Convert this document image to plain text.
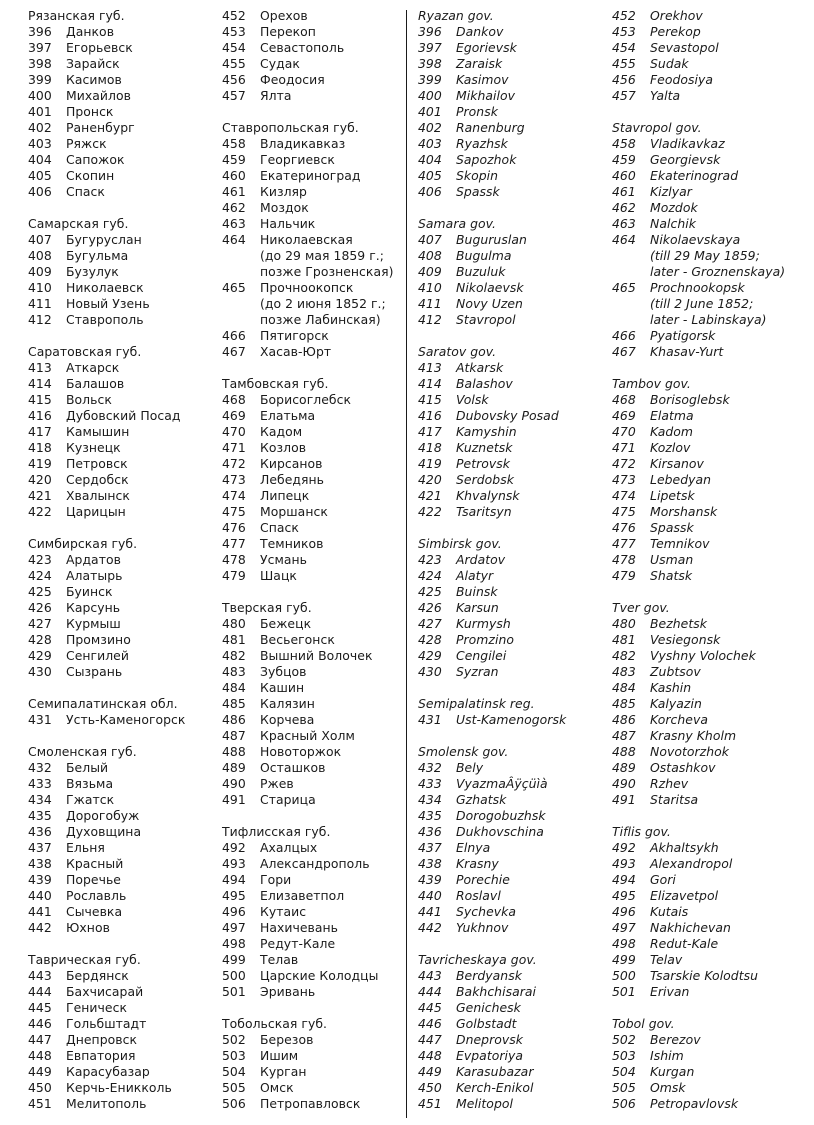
Рязанская губ.
396 Данков
397 Егорьевск
398 Зарайск
399 Касимов
400 Михайлов
401 Пронск
402 Раненбург
403 Ряжск
404 Сапожок
405 Скопин
406 Спаск
Самарская губ.
407 Бугуруслан
408 Бугульма
409 Бузулук
410 Николаевск
411 Новый Узень
412 Ставрополь
Саратовская губ.
413 Аткарск
414 Балашов
415 Вольск
416 Дубовский Посад
417 Камышин
418 Кузнецк
419 Петровск
420 Сердобск
421 Хвалынск
422 Царицын
Симбирская губ.
423 Ардатов
424 Алатырь
425 Буинск
426 Карсунь
427 Курмыш
428 Промзино
429 Сенгилей
430 Сызрань
Семипалатинская обл.
431 Усть-Каменогорск
Смоленская губ.
432 Белый
433 Вязьма
434 Гжатск
435 Дорогобуж
436 Духовщина
437 Ельня
438 Красный
439 Поречье
440 Рославль
441 Сычевка
442 Юхнов
Таврическая губ.
443 Бердянск
444 Бахчисарай
445 Геническ
446 Гольбштадт
447 Днепровск
448 Евпатория
449 Карасубазар
450 Керчь-Еникколь
451 Мелитополь
452 Орехов
453 Перекоп
454 Севастополь
455 Судак
456 Феодосия
457 Ялта
Ставропольская губ.
458 Владикавказ
459 Георгиевск
460 Екатериноград
461 Кизляр
462 Моздок
463 Нальчик
464 Николаевская
(до 29 мая 1859 г.;
позже Грозненская)
465 Прочноокопск
(до 2 июня 1852 г.;
позже Лабинская)
466 Пятигорск
467 Хасав-Юрт
Тамбовская губ.
468 Борисоглебск
469 Елатьма
470 Кадом
471 Козлов
472 Кирсанов
473 Лебедянь
474 Липецк
475 Моршанск
476 Спаск
477 Темников
478 Усмань
479 Шацк
Тверская губ.
480 Бежецк
481 Весьегонск
482 Вышний Волочек
483 Зубцов
484 Кашин
485 Калязин
486 Корчева
487 Красный Холм
488 Новоторжок
489 Осташков
490 Ржев
491 Старица
Тифлисская губ.
492 Ахалцых
493 Александрополь
494 Гори
495 Елизаветпол
496 Кутаис
497 Нахичевань
498 Редут-Кале
499 Телав
500 Царские Колодцы
501 Эривань
Тобольская губ.
502 Березов
503 Ишим
504 Курган
505 Омск
506 Петропавловск
Ryazan gov.
396 Dankov
397 Egorievsk
398 Zaraisk
399 Kasimov
400 Mikhailov
401 Pronsk
402 Ranenburg
403 Ryazhsk
404 Sapozhok
405 Skopin
406 Spassk
Samara gov.
407 Buguruslan
408 Bugulma
409 Buzuluk
410 Nikolaevsk
411 Novy Uzen
412 Stavropol
Saratov gov.
413 Atkarsk
414 Balashov
415 Volsk
416 Dubovsky Posad
417 Kamyshin
418 Kuznetsk
419 Petrovsk
420 Serdobsk
421 Khvalynsk
422 Tsaritsyn
Simbirsk gov.
423 Ardatov
424 Alatyr
425 Buinsk
426 Karsun
427 Kurmysh
428 Promzino
429 Cengilei
430 Syzran
Semipalatinsk reg.
431 Ust-Kamenogorsk
Smolensk gov.
432 Bely
433 VyazmaÂÿçüìà
434 Gzhatsk
435 Dorogobuzhsk
436 Dukhovschina
437 Elnya
438 Krasny
439 Porechie
440 Roslavl
441 Sychevka
442 Yukhnov
Tavricheskaya gov.
443 Berdyansk
444 Bakhchisarai
445 Genichesk
446 Golbstadt
447 Dneprovsk
448 Evpatoriya
449 Karasubazar
450 Kerch-Enikol
451 Melitopol
452 Orekhov
453 Perekop
454 Sevastopol
455 Sudak
456 Feodosiya
457 Yalta
Stavropol gov.
458 Vladikavkaz
459 Georgievsk
460 Ekaterinograd
461 Kizlyar
462 Mozdok
463 Nalchik
464 Nikolaevskaya
(till 29 May 1859;
later - Groznenskaya)
465 Prochnookopsk
(till 2 June 1852;
later - Labinskaya)
466 Pyatigorsk
467 Khasav-Yurt
Tambov gov.
468 Borisoglebsk
469 Elatma
470 Kadom
471 Kozlov
472 Kirsanov
473 Lebedyan
474 Lipetsk
475 Morshansk
476 Spassk
477 Temnikov
478 Usman
479 Shatsk
Tver gov.
480 Bezhetsk
481 Vesiegonsk
482 Vyshny Volochek
483 Zubtsov
484 Kashin
485 Kalyazin
486 Korcheva
487 Krasny Kholm
488 Novotorzhok
489 Ostashkov
490 Rzhev
491 Staritsa
Tiflis gov.
492 Akhaltsykh
493 Alexandropol
494 Gori
495 Elizavetpol
496 Kutais
497 Nakhichevan
498 Redut-Kale
499 Telav
500 Tsarskie Kolodtsu
501 Erivan
Tobol gov.
502 Berezov
503 Ishim
504 Kurgan
505 Omsk
506 Petropavlovsk
